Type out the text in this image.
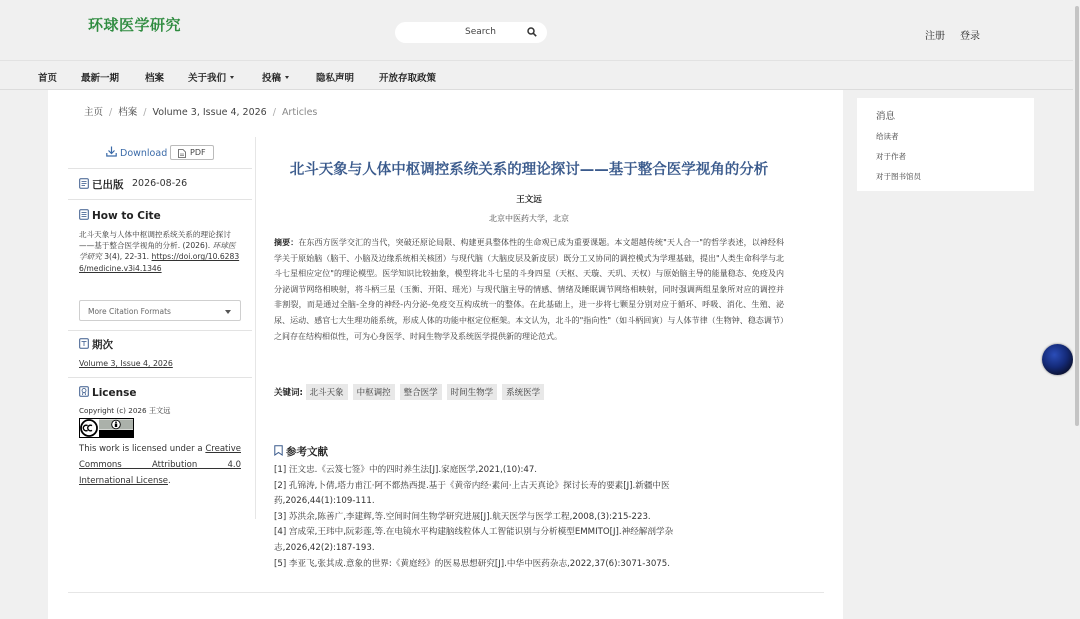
环球医学研究	Search	注册 登录
首页	最新一期	档案	关于我们	投稿	隐私声明	开放存取政策
主页 / 档案 / Volume 3, Issue 4, 2026 / Articles
Download	PDF
已出版 2026-08-26
How to Cite
北斗天象与人体中枢调控系统关系的理论探讨——基于整合医学视角的分析. (2026). 环球医学研究 3(4), 22-31. https://doi.org/10.62836/medicine.v3i4.1346
More Citation Formats
期次
Volume 3, Issue 4, 2026
License
Copyright (c) 2026 王文远
This work is licensed under a Creative Commons Attribution 4.0 International License.
北斗天象与人体中枢调控系统关系的理论探讨——基于整合医学视角的分析
王文远
北京中医药大学，北京
摘要：在东西方医学交汇的当代，突破还原论局限、构建更具整体性的生命观已成为重要课题。本文超越传统"天人合一"的哲学表述，以神经科学关于原始脑（脑干、小脑及边缘系统相关核团）与现代脑（大脑皮层及新皮层）既分工又协同的调控模式为学理基础，提出"人类生命科学与北斗七星相应定位"的理论模型。医学知识比较抽象，模型将北斗七星的斗身四星（天枢、天璇、天玑、天权）与原始脑主导的能量稳态、免疫及内分泌调节网络相映射，将斗柄三星（玉衡、开阳、瑶光）与现代脑主导的情感、情绪及睡眠调节网络相映射，同时强调两组星象所对应的调控并非割裂，而是通过全脑-全身的神经-内分泌-免疫交互构成统一的整体。在此基础上，进一步将七颗星分别对应于循环、呼吸、消化、生殖、泌尿、运动、感官七大生理功能系统，形成人体的功能中枢定位框架。本文认为，北斗的"指向性"（如斗柄回寅）与人体节律（生物钟、稳态调节）之间存在结构相似性，可为心身医学、时间生物学及系统医学提供新的理论范式。
关键词: 北斗天象 中枢调控 整合医学 时间生物学 系统医学
参考文献
[1] 汪文忠.《云笈七签》中的四时养生法[J].家庭医学,2021,(10):47.
[2] 孔锦涛,卜倩,塔力甫江·阿不都热西提.基于《黄帝内经·素问·上古天真论》探讨长寿的要素[J].新疆中医药,2026,44(1):109-111.
[3] 苏洪余,陈善广,李建辉,等.空间时间生物学研究进展[J].航天医学与医学工程,2008,(3):215-223.
[4] 宫成荣,王玮中,阮彩莲,等.在电镜水平构建脑线粒体人工智能识别与分析模型EMMITO[J].神经解剖学杂志,2026,42(2):187-193.
[5] 李亚飞,张其成.意象的世界:《黄庭经》的医易思想研究[J].中华中医药杂志,2022,37(6):3071-3075.
消息
给读者
对于作者
对于图书馆员
